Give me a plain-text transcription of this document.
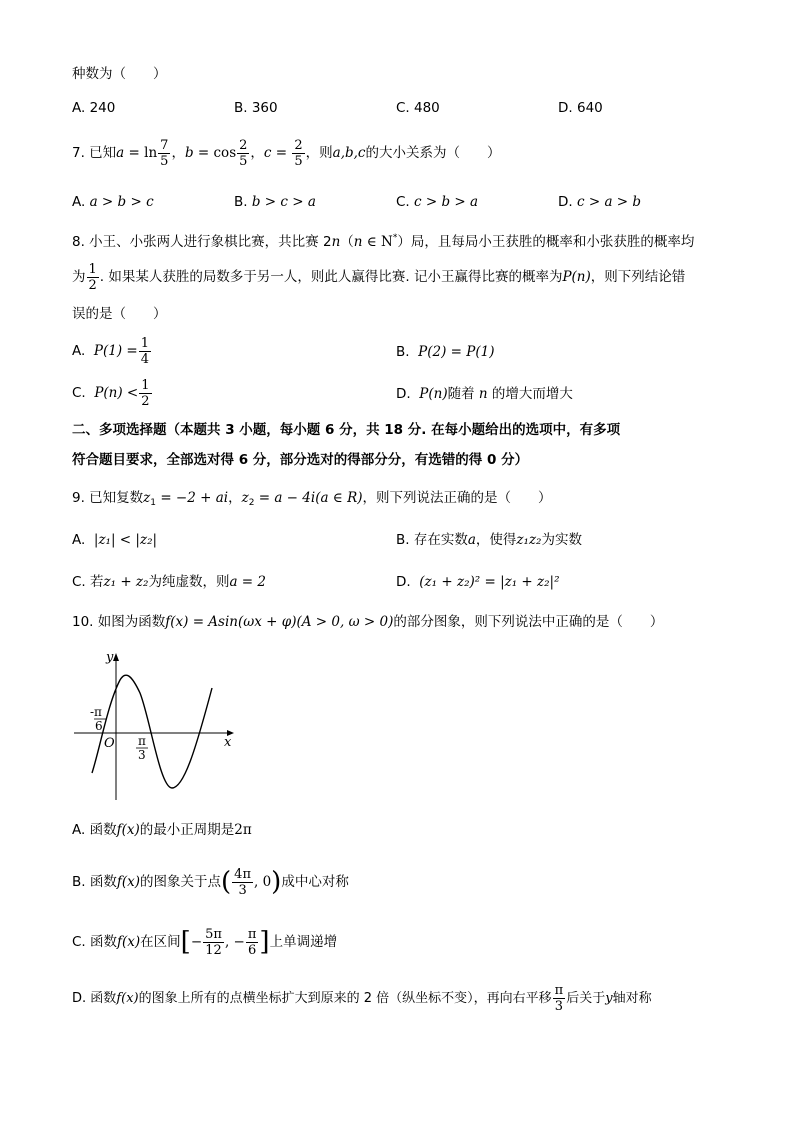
种数为（　　）
A. 240	B. 360	C. 480	D. 640
7. 已知$a = \ln \frac{7}{5}$ ，$b = \cos \frac{2}{5}$ ，$c = \frac{2}{5}$ ，则a,b,c的大小关系为（　　）
A. a > b > c	B. b > c > a	C. c > b > a	D. c > a > b
8. 小王、小张两人进行象棋比赛，共比赛 2n（n ∈ N*）局，且每局小王获胜的概率和小张获胜的概率均
为 $\frac{1}{2}$ . 如果某人获胜的局数多于另一人，则此人赢得比赛. 记小王赢得比赛的概率为P(n)，则下列结论错
误的是（　　）
A. $P(1) = \frac{1}{4}$	B. P(2) = P(1)
C. $P(n) < \frac{1}{2}$	D. P(n)随着 n 的增大而增大
二、多项选择题（本题共 3 小题，每小题 6 分，共 18 分. 在每小题给出的选项中，有多项
符合题目要求，全部选对得 6 分，部分选对的得部分分，有选错的得 0 分）
9. 已知复数$z_1 = -2$ + ai，$z_2 = a - 4i(a$ ∈ R)，则下列说法正确的是（　　）
A. |z₁| < |z₂|	B. 存在实数a，使得z₁z₂为实数
C. 若z₁ + z₂为纯虚数，则a = 2	D. (z₁ + z₂)² = |z₁ + z₂|²
10. 如图为函数f(x) = Asin(ωx + φ)(A > 0, ω > 0)的部分图象，则下列说法中正确的是（　　）
y
x
O
-π
6
π
3
A. 函数f(x)的最小正周期是2π
B. 函数f(x)的图象关于点( $\frac{4\pi}{3}$ , 0)成中心对称
C. 函数f(x)在区间[− $\frac{5\pi}{12}$ , − $\frac{\pi}{6}$ ]上单调递增
D. 函数f(x)的图象上所有的点横坐标扩大到原来的 2 倍（纵坐标不变），再向右平移 $\frac{\pi}{3}$ 后关于y轴对称
